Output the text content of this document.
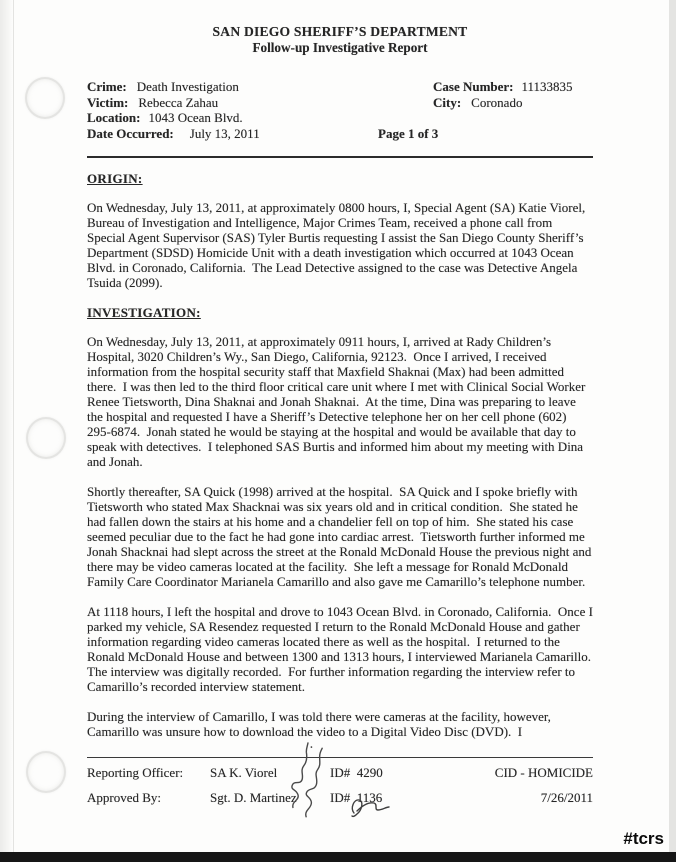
SAN DIEGO SHERIFF’S DEPARTMENT
Follow-up Investigative Report
Crime: Death Investigation	Case Number: 11133835
Victim: Rebecca Zahau	City: Coronado
Location: 1043 Ocean Blvd.
Date Occurred: July 13, 2011	Page 1 of 3
ORIGIN:
On Wednesday, July 13, 2011, at approximately 0800 hours, I, Special Agent (SA) Katie Viorel, Bureau of Investigation and Intelligence, Major Crimes Team, received a phone call from Special Agent Supervisor (SAS) Tyler Burtis requesting I assist the San Diego County Sheriff’s Department (SDSD) Homicide Unit with a death investigation which occurred at 1043 Ocean Blvd. in Coronado, California.  The Lead Detective assigned to the case was Detective Angela Tsuida (2099).
INVESTIGATION:
On Wednesday, July 13, 2011, at approximately 0911 hours, I, arrived at Rady Children’s Hospital, 3020 Children’s Wy., San Diego, California, 92123.  Once I arrived, I received information from the hospital security staff that Maxfield Shaknai (Max) had been admitted there.  I was then led to the third floor critical care unit where I met with Clinical Social Worker Renee Tietsworth, Dina Shaknai and Jonah Shaknai.  At the time, Dina was preparing to leave the hospital and requested I have a Sheriff’s Detective telephone her on her cell phone (602) 295-6874.  Jonah stated he would be staying at the hospital and would be available that day to speak with detectives.  I telephoned SAS Burtis and informed him about my meeting with Dina and Jonah.
Shortly thereafter, SA Quick (1998) arrived at the hospital.  SA Quick and I spoke briefly with Tietsworth who stated Max Shacknai was six years old and in critical condition.  She stated he had fallen down the stairs at his home and a chandelier fell on top of him.  She stated his case seemed peculiar due to the fact he had gone into cardiac arrest.  Tietsworth further informed me Jonah Shacknai had slept across the street at the Ronald McDonald House the previous night and there may be video cameras located at the facility.  She left a message for Ronald McDonald Family Care Coordinator Marianela Camarillo and also gave me Camarillo’s telephone number.
At 1118 hours, I left the hospital and drove to 1043 Ocean Blvd. in Coronado, California.  Once I parked my vehicle, SA Resendez requested I return to the Ronald McDonald House and gather information regarding video cameras located there as well as the hospital.  I returned to the Ronald McDonald House and between 1300 and 1313 hours, I interviewed Marianela Camarillo.  The interview was digitally recorded.  For further information regarding the interview refer to Camarillo’s recorded interview statement.
During the interview of Camarillo, I was told there were cameras at the facility, however, Camarillo was unsure how to download the video to a Digital Video Disc (DVD).  I
Reporting Officer:	SA K. Viorel	ID#  4290	CID - HOMICIDE
Approved By:	Sgt. D. Martinez	ID#  1136	7/26/2011
#tcrs
